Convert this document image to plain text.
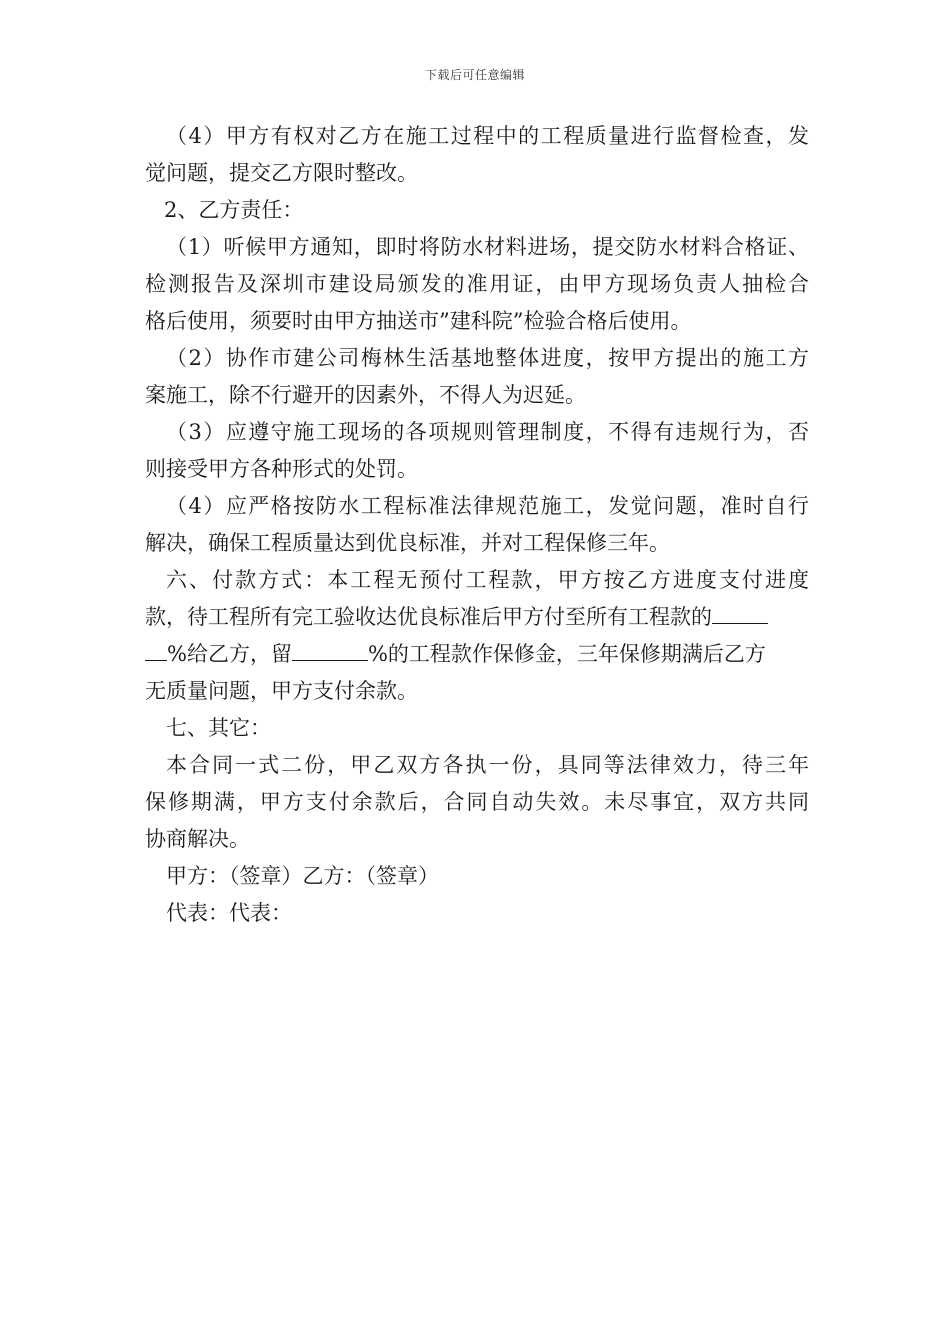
下载后可任意编辑
（4）甲方有权对乙方在施工过程中的工程质量进行监督检查，发
觉问题，提交乙方限时整改。
2、乙方责任：
（1）听候甲方通知，即时将防水材料进场，提交防水材料合格证、
检测报告及深圳市建设局颁发的准用证，由甲方现场负责人抽检合
格后使用，须要时由甲方抽送市”建科院”检验合格后使用。
（2）协作市建公司梅林生活基地整体进度，按甲方提出的施工方
案施工，除不行避开的因素外，不得人为迟延。
（3）应遵守施工现场的各项规则管理制度，不得有违规行为，否
则接受甲方各种形式的处罚。
（4）应严格按防水工程标准法律规范施工，发觉问题，准时自行
解决，确保工程质量达到优良标准，并对工程保修三年。
六、付款方式：本工程无预付工程款，甲方按乙方进度支付进度
款，待工程所有完工验收达优良标准后甲方付至所有工程款的
%给乙方，留	%的工程款作保修金，三年保修期满后乙方
无质量问题，甲方支付余款。
七、其它：
本合同一式二份，甲乙双方各执一份，具同等法律效力，待三年
保修期满，甲方支付余款后，合同自动失效。未尽事宜，双方共同
协商解决。
甲方：（签章）乙方：（签章）
代表：代表：
